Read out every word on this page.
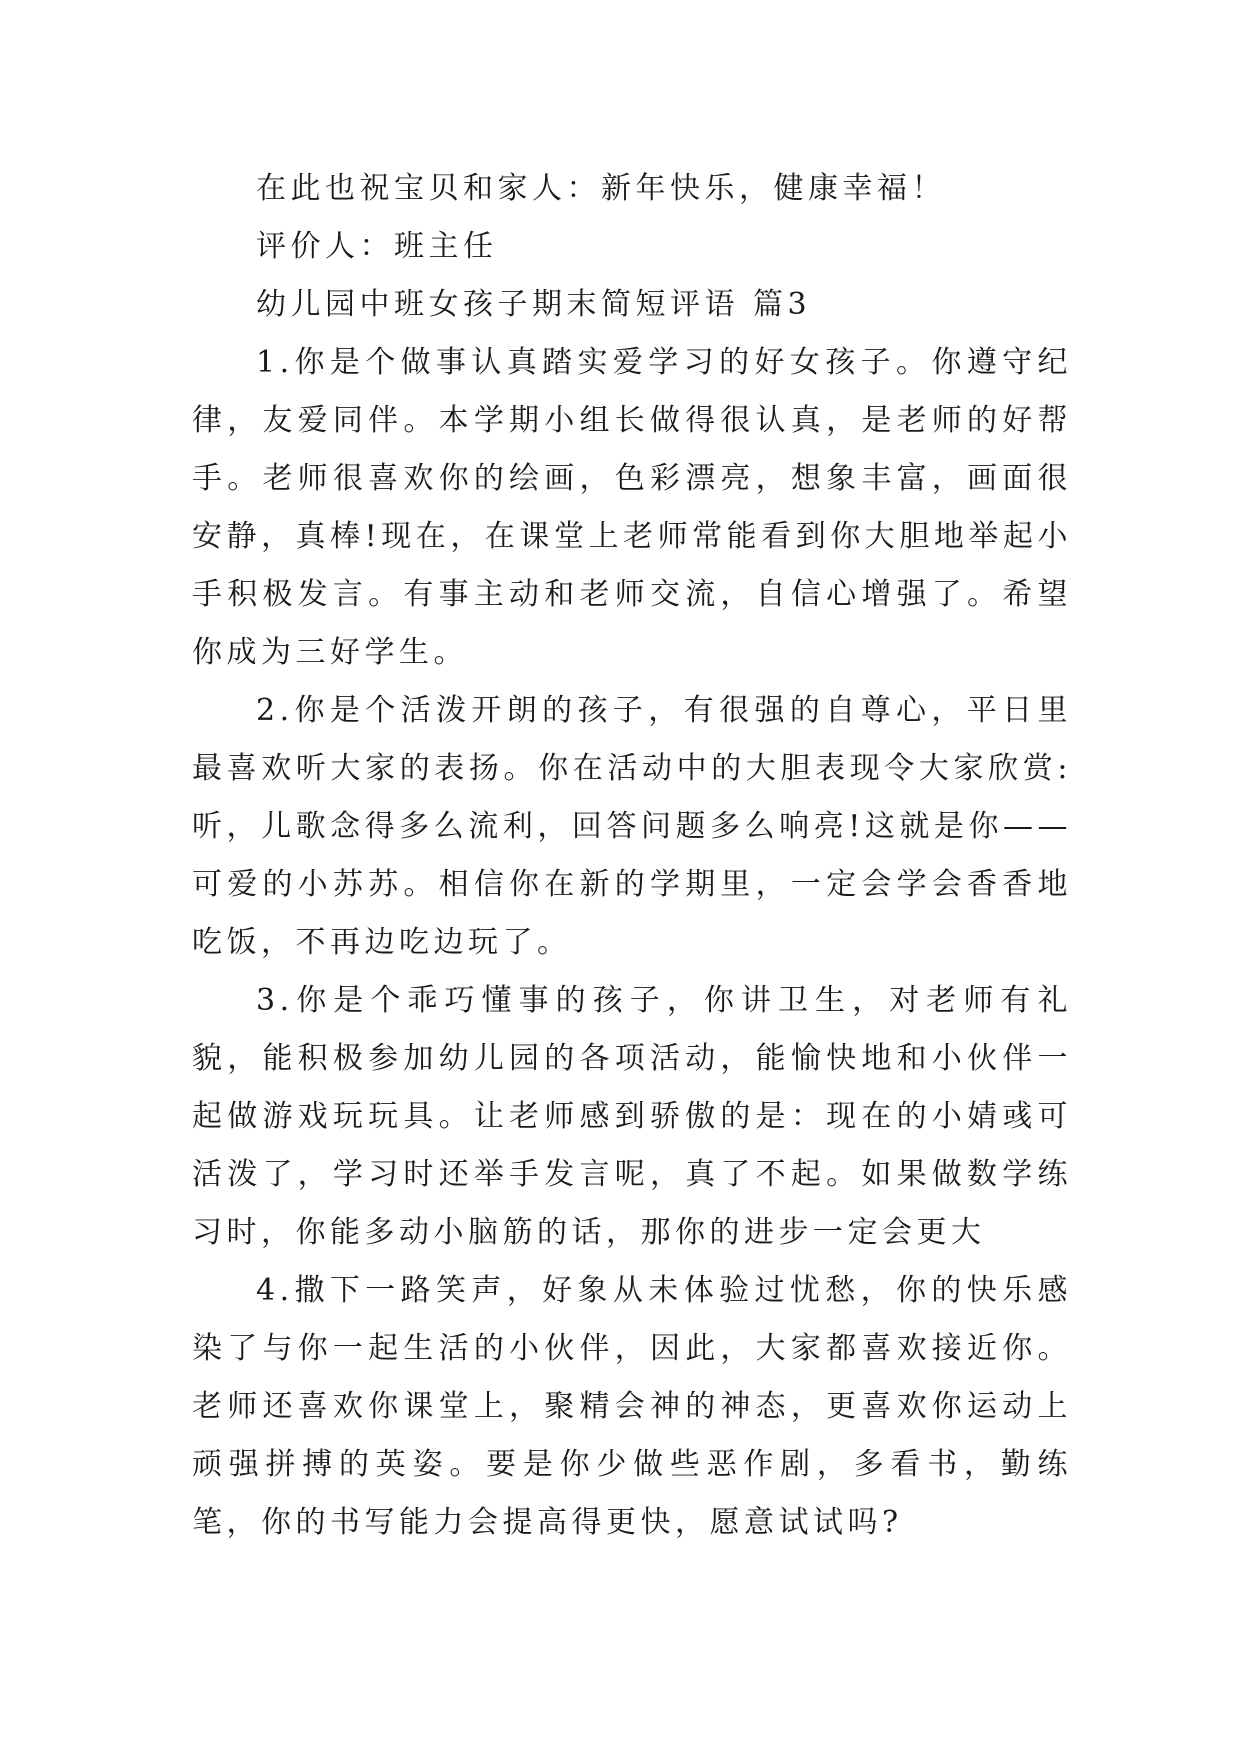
在此也祝宝贝和家人：新年快乐，健康幸福！

评价人：班主任

幼儿园中班女孩子期末简短评语 篇3

1.你是个做事认真踏实爱学习的好女孩子。你遵守纪律，友爱同伴。本学期小组长做得很认真，是老师的好帮手。老师很喜欢你的绘画，色彩漂亮，想象丰富，画面很安静，真棒!现在，在课堂上老师常能看到你大胆地举起小手积极发言。有事主动和老师交流，自信心增强了。希望你成为三好学生。

2.你是个活泼开朗的孩子，有很强的自尊心，平日里最喜欢听大家的表扬。你在活动中的大胆表现令大家欣赏:听，儿歌念得多么流利，回答问题多么响亮!这就是你——可爱的小苏苏。相信你在新的学期里，一定会学会香香地吃饭，不再边吃边玩了。

3.你是个乖巧懂事的孩子，你讲卫生，对老师有礼貌，能积极参加幼儿园的各项活动，能愉快地和小伙伴一起做游戏玩玩具。让老师感到骄傲的是：现在的小婧彧可活泼了，学习时还举手发言呢，真了不起。如果做数学练习时，你能多动小脑筋的话，那你的进步一定会更大

4.撒下一路笑声，好象从未体验过忧愁，你的快乐感染了与你一起生活的小伙伴，因此，大家都喜欢接近你。老师还喜欢你课堂上，聚精会神的神态，更喜欢你运动上顽强拼搏的英姿。要是你少做些恶作剧，多看书，勤练笔，你的书写能力会提高得更快，愿意试试吗?
